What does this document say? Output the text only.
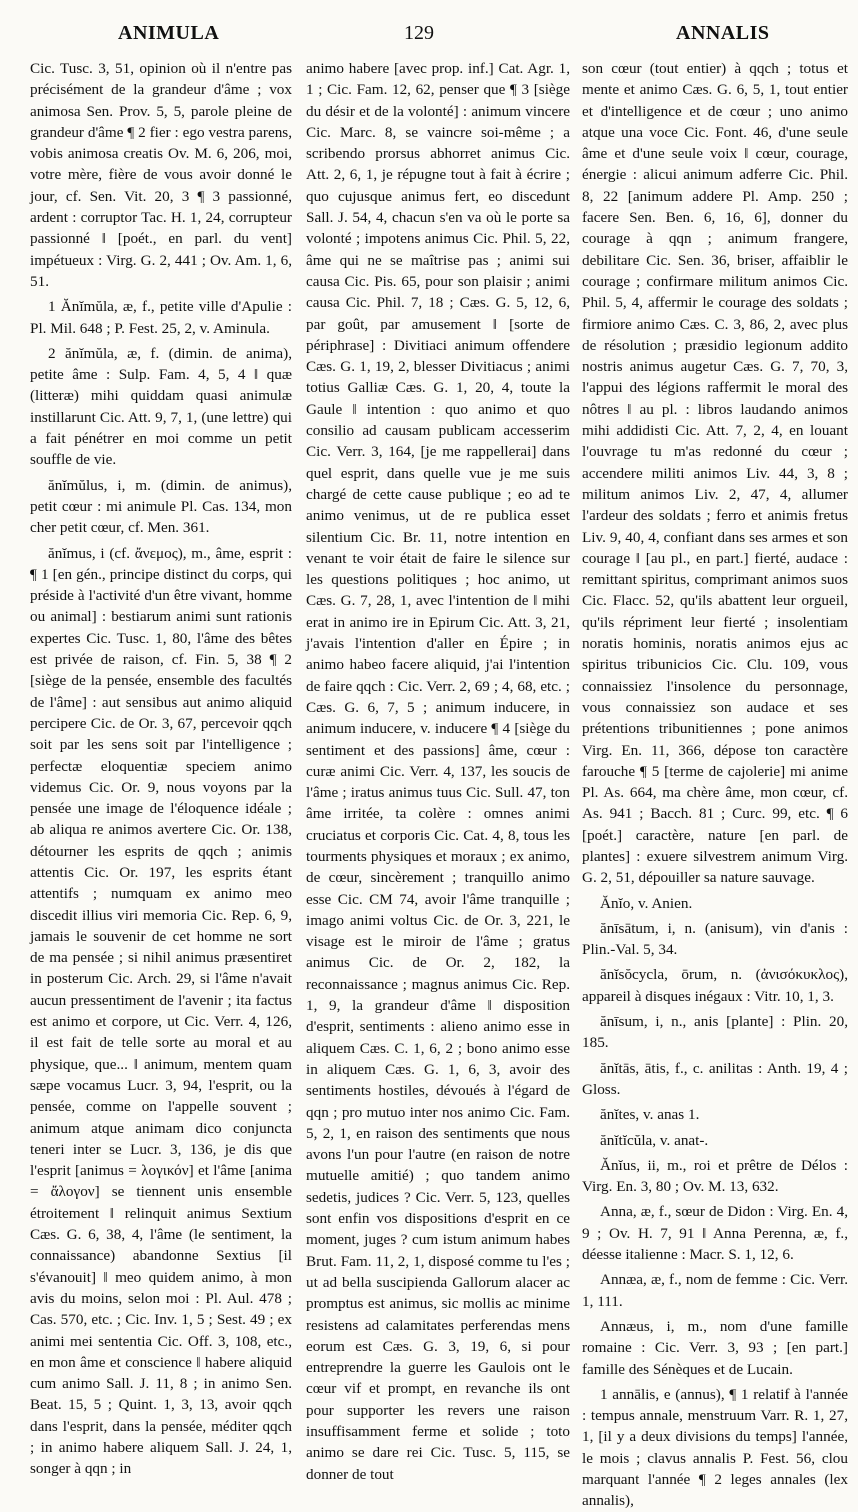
ANIMULA	129	ANNALIS

Cic. Tusc. 3, 51, opinion où il n'entre pas précisément de la grandeur d'âme ; vox animosa Sen. Prov. 5, 5, parole pleine de grandeur d'âme ¶ 2 fier : ego vestra parens, vobis animosa creatis Ov. M. 6, 206, moi, votre mère, fière de vous avoir donné le jour, cf. Sen. Vit. 20, 3 ¶ 3 passionné, ardent : corruptor Tac. H. 1, 24, corrupteur passionné ‖ [poét., en parl. du vent] impétueux : Virg. G. 2, 441 ; Ov. Am. 1, 6, 51.

1 Ănĭmŭla, æ, f., petite ville d'Apulie : Pl. Mil. 648 ; P. Fest. 25, 2, v. Aminula.

2 ănĭmŭla, æ, f. (dimin. de anima), petite âme : Sulp. Fam. 4, 5, 4 ‖ quæ (litteræ) mihi quiddam quasi animulæ instillarunt Cic. Att. 9, 7, 1, (une lettre) qui a fait pénétrer en moi comme un petit souffle de vie.

ănĭmŭlus, i, m. (dimin. de animus), petit cœur : mi animule Pl. Cas. 134, mon cher petit cœur, cf. Men. 361.

ănĭmus, i (cf. ἄνεμος), m., âme, esprit : ¶ 1 [en gén., principe distinct du corps, qui préside à l'activité d'un être vivant, homme ou animal] : bestiarum animi sunt rationis expertes Cic. Tusc. 1, 80, l'âme des bêtes est privée de raison, cf. Fin. 5, 38 ¶ 2 [siège de la pensée, ensemble des facultés de l'âme] : aut sensibus aut animo aliquid percipere Cic. de Or. 3, 67, percevoir qqch soit par les sens soit par l'intelligence ; perfectæ eloquentiæ speciem animo videmus Cic. Or. 9, nous voyons par la pensée une image de l'éloquence idéale ; ab aliqua re animos avertere Cic. Or. 138, détourner les esprits de qqch ; animis attentis Cic. Or. 197, les esprits étant attentifs ; numquam ex animo meo discedit illius viri memoria Cic. Rep. 6, 9, jamais le souvenir de cet homme ne sort de ma pensée ; si nihil animus præsentiret in posterum Cic. Arch. 29, si l'âme n'avait aucun pressentiment de l'avenir ; ita factus est animo et corpore, ut Cic. Verr. 4, 126, il est fait de telle sorte au moral et au physique, que... ‖ animum, mentem quam sæpe vocamus Lucr. 3, 94, l'esprit, ou la pensée, comme on l'appelle souvent ; animum atque animam dico conjuncta teneri inter se Lucr. 3, 136, je dis que l'esprit [animus = λογικόν] et l'âme [anima = ἄλογον] se tiennent unis ensemble étroitement ‖ relinquit animus Sextium Cæs. G. 6, 38, 4, l'âme (le sentiment, la connaissance) abandonne Sextius [il s'évanouit] ‖ meo quidem animo, à mon avis du moins, selon moi : Pl. Aul. 478 ; Cas. 570, etc. ; Cic. Inv. 1, 5 ; Sest. 49 ; ex animi mei sententia Cic. Off. 3, 108, etc., en mon âme et conscience ‖ habere aliquid cum animo Sall. J. 11, 8 ; in animo Sen. Beat. 15, 5 ; Quint. 1, 3, 13, avoir qqch dans l'esprit, dans la pensée, méditer qqch ; in animo habere aliquem Sall. J. 24, 1, songer à qqn ; in

animo habere [avec prop. inf.] Cat. Agr. 1, 1 ; Cic. Fam. 12, 62, penser que ¶ 3 [siège du désir et de la volonté] : animum vincere Cic. Marc. 8, se vaincre soi-même ; a scribendo prorsus abhorret animus Cic. Att. 2, 6, 1, je répugne tout à fait à écrire ; quo cujusque animus fert, eo discedunt Sall. J. 54, 4, chacun s'en va où le porte sa volonté ; impotens animus Cic. Phil. 5, 22, âme qui ne se maîtrise pas ; animi sui causa Cic. Pis. 65, pour son plaisir ; animi causa Cic. Phil. 7, 18 ; Cæs. G. 5, 12, 6, par goût, par amusement ‖ [sorte de périphrase] : Divitiaci animum offendere Cæs. G. 1, 19, 2, blesser Divitiacus ; animi totius Galliæ Cæs. G. 1, 20, 4, toute la Gaule ‖ intention : quo animo et quo consilio ad causam publicam accesserim Cic. Verr. 3, 164, [je me rappellerai] dans quel esprit, dans quelle vue je me suis chargé de cette cause publique ; eo ad te animo venimus, ut de re publica esset silentium Cic. Br. 11, notre intention en venant te voir était de faire le silence sur les questions politiques ; hoc animo, ut Cæs. G. 7, 28, 1, avec l'intention de ‖ mihi erat in animo ire in Epirum Cic. Att. 3, 21, j'avais l'intention d'aller en Épire ; in animo habeo facere aliquid, j'ai l'intention de faire qqch : Cic. Verr. 2, 69 ; 4, 68, etc. ; Cæs. G. 6, 7, 5 ; animum inducere, in animum inducere, v. inducere ¶ 4 [siège du sentiment et des passions] âme, cœur : curæ animi Cic. Verr. 4, 137, les soucis de l'âme ; iratus animus tuus Cic. Sull. 47, ton âme irritée, ta colère : omnes animi cruciatus et corporis Cic. Cat. 4, 8, tous les tourments physiques et moraux ; ex animo, de cœur, sincèrement ; tranquillo animo esse Cic. CM 74, avoir l'âme tranquille ; imago animi voltus Cic. de Or. 3, 221, le visage est le miroir de l'âme ; gratus animus Cic. de Or. 2, 182, la reconnaissance ; magnus animus Cic. Rep. 1, 9, la grandeur d'âme ‖ disposition d'esprit, sentiments : alieno animo esse in aliquem Cæs. C. 1, 6, 2 ; bono animo esse in aliquem Cæs. G. 1, 6, 3, avoir des sentiments hostiles, dévoués à l'égard de qqn ; pro mutuo inter nos animo Cic. Fam. 5, 2, 1, en raison des sentiments que nous avons l'un pour l'autre (en raison de notre mutuelle amitié) ; quo tandem animo sedetis, judices ? Cic. Verr. 5, 123, quelles sont enfin vos dispositions d'esprit en ce moment, juges ? cum istum animum habes Brut. Fam. 11, 2, 1, disposé comme tu l'es ; ut ad bella suscipienda Gallorum alacer ac promptus est animus, sic mollis ac minime resistens ad calamitates perferendas mens eorum est Cæs. G. 3, 19, 6, si pour entreprendre la guerre les Gaulois ont le cœur vif et prompt, en revanche ils ont pour supporter les revers une raison insuffisamment ferme et solide ; toto animo se dare rei Cic. Tusc. 5, 115, se donner de tout

son cœur (tout entier) à qqch ; totus et mente et animo Cæs. G. 6, 5, 1, tout entier et d'intelligence et de cœur ; uno animo atque una voce Cic. Font. 46, d'une seule âme et d'une seule voix ‖ cœur, courage, énergie : alicui animum adferre Cic. Phil. 8, 22 [animum addere Pl. Amp. 250 ; facere Sen. Ben. 6, 16, 6], donner du courage à qqn ; animum frangere, debilitare Cic. Sen. 36, briser, affaiblir le courage ; confirmare militum animos Cic. Phil. 5, 4, affermir le courage des soldats ; firmiore animo Cæs. C. 3, 86, 2, avec plus de résolution ; præsidio legionum addito nostris animus augetur Cæs. G. 7, 70, 3, l'appui des légions raffermit le moral des nôtres ‖ au pl. : libros laudando animos mihi addidisti Cic. Att. 7, 2, 4, en louant l'ouvrage tu m'as redonné du cœur ; accendere militi animos Liv. 44, 3, 8 ; militum animos Liv. 2, 47, 4, allumer l'ardeur des soldats ; ferro et animis fretus Liv. 9, 40, 4, confiant dans ses armes et son courage ‖ [au pl., en part.] fierté, audace : remittant spiritus, comprimant animos suos Cic. Flacc. 52, qu'ils abattent leur orgueil, qu'ils répriment leur fierté ; insolentiam noratis hominis, noratis animos ejus ac spiritus tribunicios Cic. Clu. 109, vous connaissiez l'insolence du personnage, vous connaissiez son audace et ses prétentions tribunitiennes ; pone animos Virg. En. 11, 366, dépose ton caractère farouche ¶ 5 [terme de cajolerie] mi anime Pl. As. 664, ma chère âme, mon cœur, cf. As. 941 ; Bacch. 81 ; Curc. 99, etc. ¶ 6 [poét.] caractère, nature [en parl. de plantes] : exuere silvestrem animum Virg. G. 2, 51, dépouiller sa nature sauvage.

Ănĭo, v. Anien.

ănīsātum, i, n. (anisum), vin d'anis : Plin.-Val. 5, 34.

ănĭsŏcycla, ōrum, n. (ἀνισόκυκλος), appareil à disques inégaux : Vitr. 10, 1, 3.

ănīsum, i, n., anis [plante] : Plin. 20, 185.

ănĭtās, ātis, f., c. anilitas : Anth. 19, 4 ; Gloss.

ănĭtes, v. anas 1.

ănĭtĭcŭla, v. anat-.

Ănĭus, ii, m., roi et prêtre de Délos : Virg. En. 3, 80 ; Ov. M. 13, 632.

Anna, æ, f., sœur de Didon : Virg. En. 4, 9 ; Ov. H. 7, 91 ‖ Anna Perenna, æ, f., déesse italienne : Macr. S. 1, 12, 6.

Annæa, æ, f., nom de femme : Cic. Verr. 1, 111.

Annæus, i, m., nom d'une famille romaine : Cic. Verr. 3, 93 ; [en part.] famille des Sénèques et de Lucain.

1 annālis, e (annus), ¶ 1 relatif à l'année : tempus annale, menstruum Varr. R. 1, 27, 1, [il y a deux divisions du temps] l'année, le mois ; clavus annalis P. Fest. 56, clou marquant l'année ¶ 2 leges annales (lex annalis),
